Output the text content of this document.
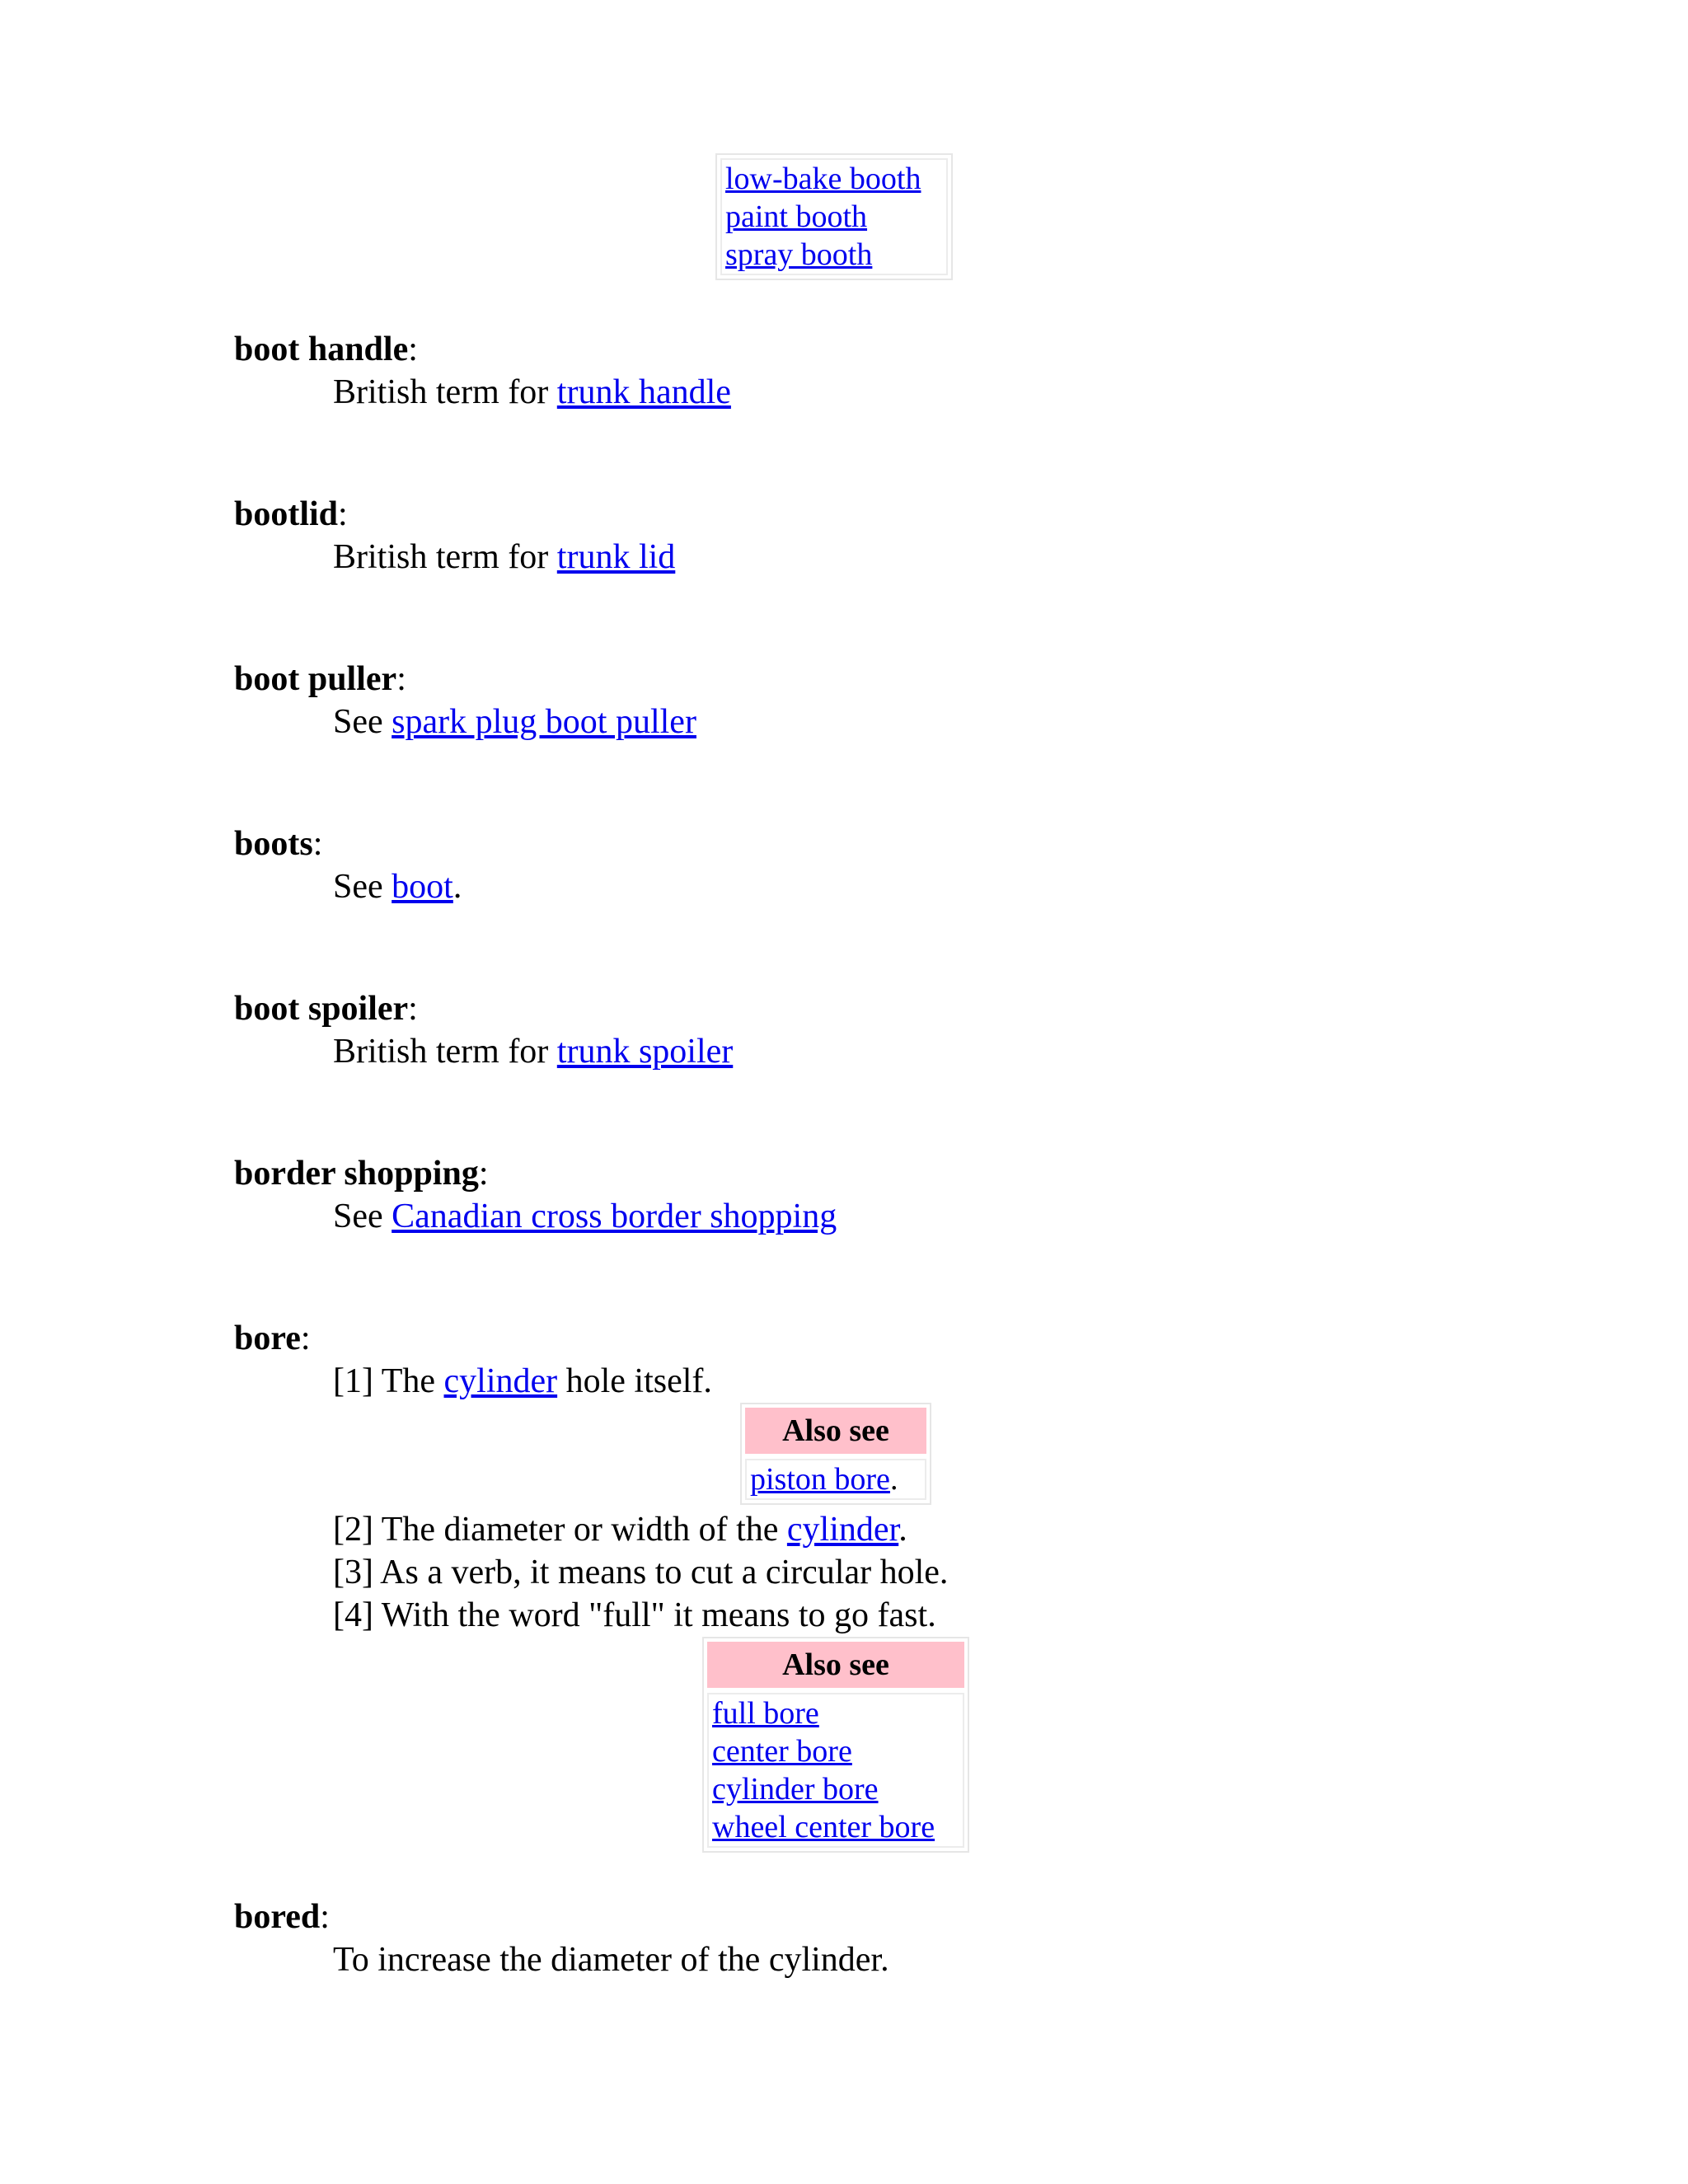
low-bake booth
paint booth
spray booth
boot handle:
British term for trunk handle
bootlid:
British term for trunk lid
boot puller:
See spark plug boot puller
boots:
See boot.
boot spoiler:
British term for trunk spoiler
border shopping:
See Canadian cross border shopping
bore:
[1] The cylinder hole itself.
Also see
piston bore.
[2] The diameter or width of the cylinder.
[3] As a verb, it means to cut a circular hole.
[4] With the word "full" it means to go fast.
Also see
full bore
center bore
cylinder bore
wheel center bore
bored:
To increase the diameter of the cylinder.
